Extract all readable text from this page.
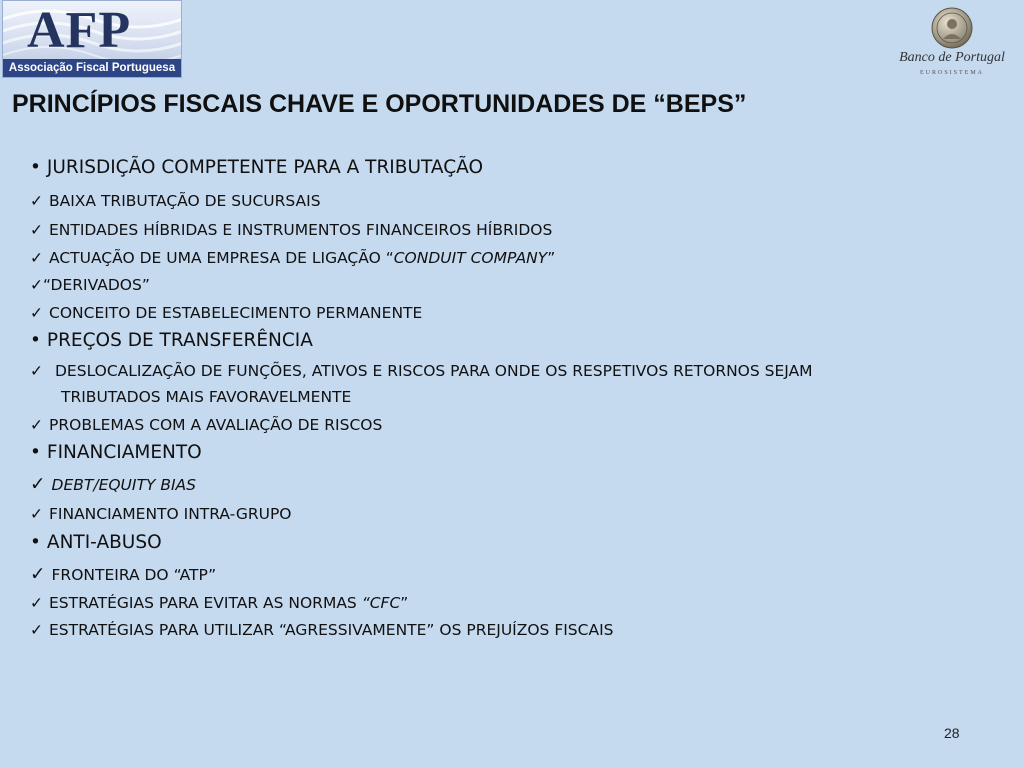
AFP
Associação Fiscal Portuguesa
Banco de Portugal
EUROSISTEMA
PRINCÍPIOS FISCAIS CHAVE E OPORTUNIDADES DE “BEPS”
• JURISDIÇÃO COMPETENTE PARA A TRIBUTAÇÃO
✓ BAIXA TRIBUTAÇÃO DE SUCURSAIS
✓ ENTIDADES HÍBRIDAS E INSTRUMENTOS FINANCEIROS HÍBRIDOS
✓ ACTUAÇÃO DE UMA EMPRESA DE LIGAÇÃO “CONDUIT COMPANY”
✓“DERIVADOS”
✓ CONCEITO DE ESTABELECIMENTO PERMANENTE
• PREÇOS DE TRANSFERÊNCIA
✓ DESLOCALIZAÇÃO DE FUNÇÕES, ATIVOS E RISCOS PARA ONDE OS RESPETIVOS RETORNOS SEJAM
TRIBUTADOS MAIS FAVORAVELMENTE
✓ PROBLEMAS COM A AVALIAÇÃO DE RISCOS
• FINANCIAMENTO
✓ DEBT/EQUITY BIAS
✓ FINANCIAMENTO INTRA-GRUPO
• ANTI-ABUSO
✓ FRONTEIRA DO “ATP”
✓ ESTRATÉGIAS PARA EVITAR AS NORMAS “CFC”
✓ ESTRATÉGIAS PARA UTILIZAR “AGRESSIVAMENTE” OS PREJUÍZOS FISCAIS
28
